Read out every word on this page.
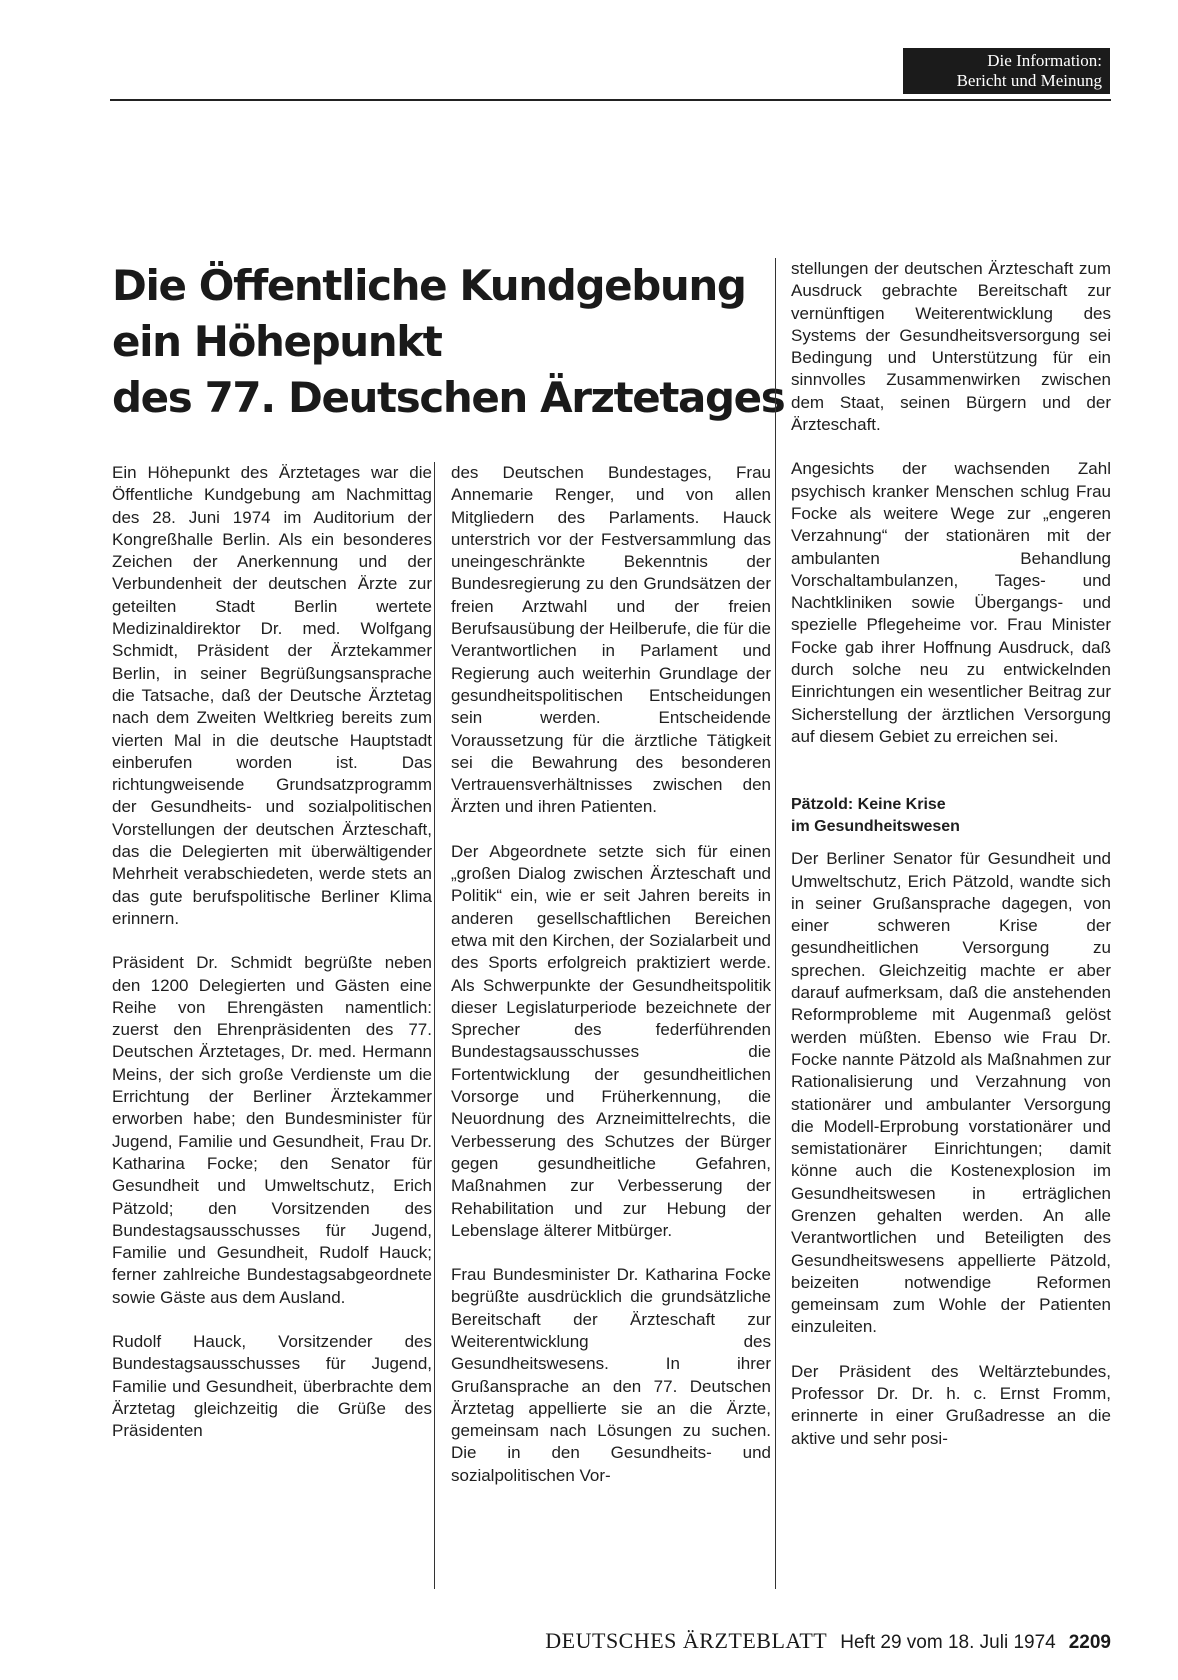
Die Information:
Bericht und Meinung
Die Öffentliche Kundgebung
ein Höhepunkt
des 77. Deutschen Ärztetages

Ein Höhepunkt des Ärztetages war die Öffentliche Kundgebung am Nachmittag des 28. Juni 1974 im Auditorium der Kongreßhalle Berlin. Als ein besonderes Zeichen der Anerkennung und der Verbundenheit der deutschen Ärzte zur geteilten Stadt Berlin wertete Medizinaldirektor Dr. med. Wolfgang Schmidt, Präsident der Ärztekammer Berlin, in seiner Begrüßungsansprache die Tatsache, daß der Deutsche Ärztetag nach dem Zweiten Weltkrieg bereits zum vierten Mal in die deutsche Hauptstadt einberufen worden ist. Das richtungweisende Grundsatzprogramm der Gesundheits- und sozialpolitischen Vorstellungen der deutschen Ärzteschaft, das die Delegierten mit überwältigender Mehrheit verabschiedeten, werde stets an das gute berufspolitische Berliner Klima erinnern.

Präsident Dr. Schmidt begrüßte neben den 1200 Delegierten und Gästen eine Reihe von Ehrengästen namentlich: zuerst den Ehrenpräsidenten des 77. Deutschen Ärztetages, Dr. med. Hermann Meins, der sich große Verdienste um die Errichtung der Berliner Ärztekammer erworben habe; den Bundesminister für Jugend, Familie und Gesundheit, Frau Dr. Katharina Focke; den Senator für Gesundheit und Umweltschutz, Erich Pätzold; den Vorsitzenden des Bundestagsausschusses für Jugend, Familie und Gesundheit, Rudolf Hauck; ferner zahlreiche Bundestagsabgeordnete sowie Gäste aus dem Ausland.

Rudolf Hauck, Vorsitzender des Bundestagsausschusses für Jugend, Familie und Gesundheit, überbrachte dem Ärztetag gleichzeitig die Grüße des Präsidenten

des Deutschen Bundestages, Frau Annemarie Renger, und von allen Mitgliedern des Parlaments. Hauck unterstrich vor der Festversammlung das uneingeschränkte Bekenntnis der Bundesregierung zu den Grundsätzen der freien Arztwahl und der freien Berufsausübung der Heilberufe, die für die Verantwortlichen in Parlament und Regierung auch weiterhin Grundlage der gesundheitspolitischen Entscheidungen sein werden. Entscheidende Voraussetzung für die ärztliche Tätigkeit sei die Bewahrung des besonderen Vertrauensverhältnisses zwischen den Ärzten und ihren Patienten.

Der Abgeordnete setzte sich für einen „großen Dialog zwischen Ärzteschaft und Politik“ ein, wie er seit Jahren bereits in anderen gesellschaftlichen Bereichen etwa mit den Kirchen, der Sozialarbeit und des Sports erfolgreich praktiziert werde. Als Schwerpunkte der Gesundheitspolitik dieser Legislaturperiode bezeichnete der Sprecher des federführenden Bundestagsausschusses die Fortentwicklung der gesundheitlichen Vorsorge und Früherkennung, die Neuordnung des Arzneimittelrechts, die Verbesserung des Schutzes der Bürger gegen gesundheitliche Gefahren, Maßnahmen zur Verbesserung der Rehabilitation und zur Hebung der Lebenslage älterer Mitbürger.

Frau Bundesminister Dr. Katharina Focke begrüßte ausdrücklich die grundsätzliche Bereitschaft der Ärzteschaft zur Weiterentwicklung des Gesundheitswesens. In ihrer Grußansprache an den 77. Deutschen Ärztetag appellierte sie an die Ärzte, gemeinsam nach Lösungen zu suchen. Die in den Gesundheits- und sozialpolitischen Vor-

stellungen der deutschen Ärzteschaft zum Ausdruck gebrachte Bereitschaft zur vernünftigen Weiterentwicklung des Systems der Gesundheitsversorgung sei Bedingung und Unterstützung für ein sinnvolles Zusammenwirken zwischen dem Staat, seinen Bürgern und der Ärzteschaft.

Angesichts der wachsenden Zahl psychisch kranker Menschen schlug Frau Focke als weitere Wege zur „engeren Verzahnung“ der stationären mit der ambulanten Behandlung Vorschaltambulanzen, Tages- und Nachtkliniken sowie Übergangs- und spezielle Pflegeheime vor. Frau Minister Focke gab ihrer Hoffnung Ausdruck, daß durch solche neu zu entwickelnden Einrichtungen ein wesentlicher Beitrag zur Sicherstellung der ärztlichen Versorgung auf diesem Gebiet zu erreichen sei.

Pätzold: Keine Krise
im Gesundheitswesen

Der Berliner Senator für Gesundheit und Umweltschutz, Erich Pätzold, wandte sich in seiner Grußansprache dagegen, von einer schweren Krise der gesundheitlichen Versorgung zu sprechen. Gleichzeitig machte er aber darauf aufmerksam, daß die anstehenden Reformprobleme mit Augenmaß gelöst werden müßten. Ebenso wie Frau Dr. Focke nannte Pätzold als Maßnahmen zur Rationalisierung und Verzahnung von stationärer und ambulanter Versorgung die Modell-Erprobung vorstationärer und semistationärer Einrichtungen; damit könne auch die Kostenexplosion im Gesundheitswesen in erträglichen Grenzen gehalten werden. An alle Verantwortlichen und Beteiligten des Gesundheitswesens appellierte Pätzold, beizeiten notwendige Reformen gemeinsam zum Wohle der Patienten einzuleiten.

Der Präsident des Weltärztebundes, Professor Dr. Dr. h. c. Ernst Fromm, erinnerte in einer Grußadresse an die aktive und sehr posi-

DEUTSCHES ÄRZTEBLATT Heft 29 vom 18. Juli 1974 2209
